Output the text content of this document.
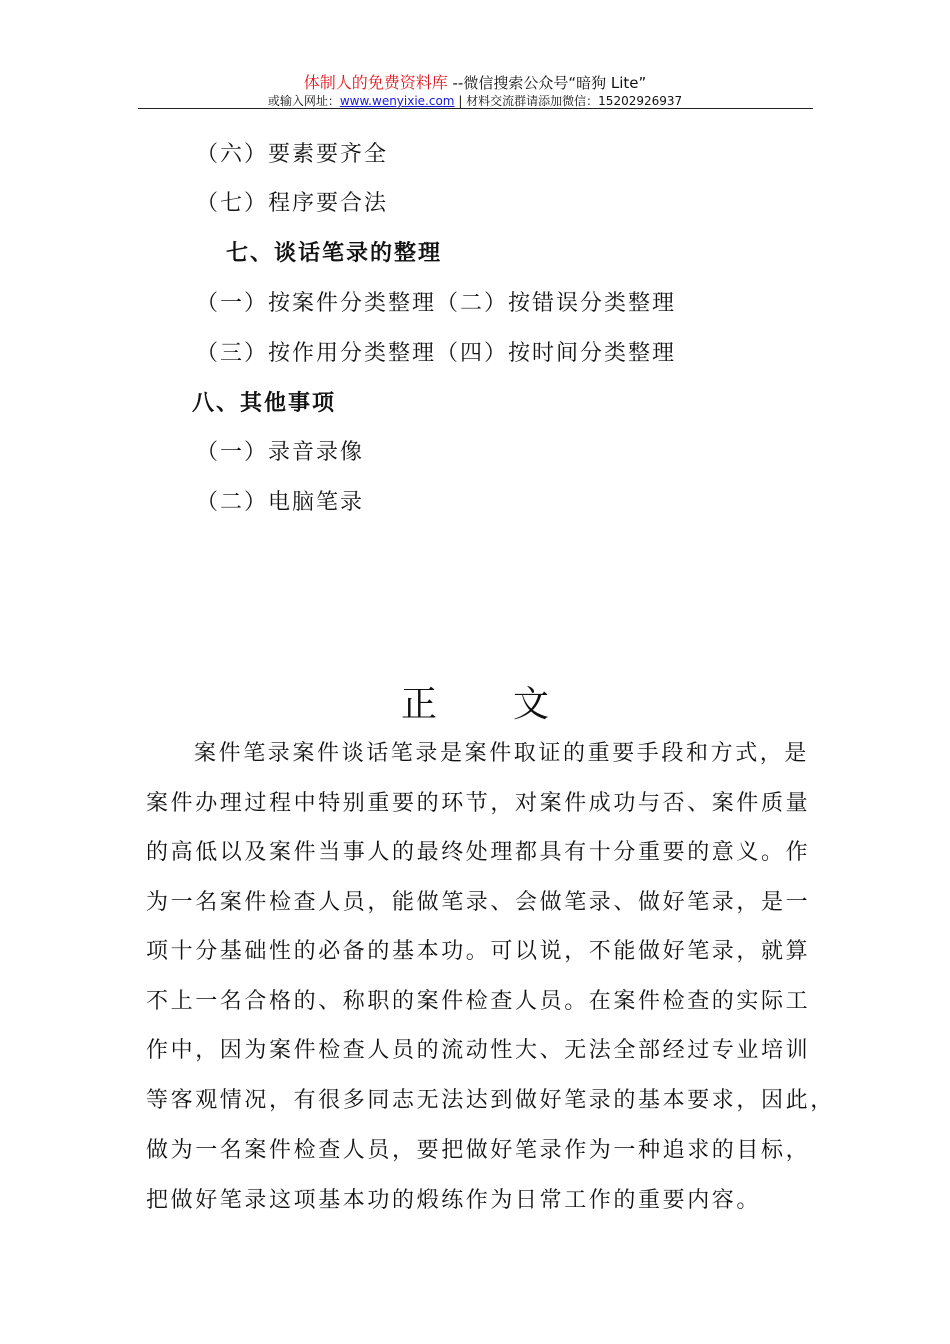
体制人的免费资料库 --微信搜索公众号“暗狗 Lite”
或输入网址：www.wenyixie.com | 材料交流群请添加微信：15202926937
（六）要素要齐全
（七）程序要合法
七、谈话笔录的整理
（一）按案件分类整理（二）按错误分类整理
（三）按作用分类整理（四）按时间分类整理
八、其他事项
（一）录音录像
（二）电脑笔录
正 文
案件笔录案件谈话笔录是案件取证的重要手段和方式，是
案件办理过程中特别重要的环节，对案件成功与否、案件质量
的高低以及案件当事人的最终处理都具有十分重要的意义。作
为一名案件检查人员，能做笔录、会做笔录、做好笔录，是一
项十分基础性的必备的基本功。可以说，不能做好笔录，就算
不上一名合格的、称职的案件检查人员。在案件检查的实际工
作中，因为案件检查人员的流动性大、无法全部经过专业培训
等客观情况，有很多同志无法达到做好笔录的基本要求，因此，
做为一名案件检查人员，要把做好笔录作为一种追求的目标，
把做好笔录这项基本功的煅练作为日常工作的重要内容。
